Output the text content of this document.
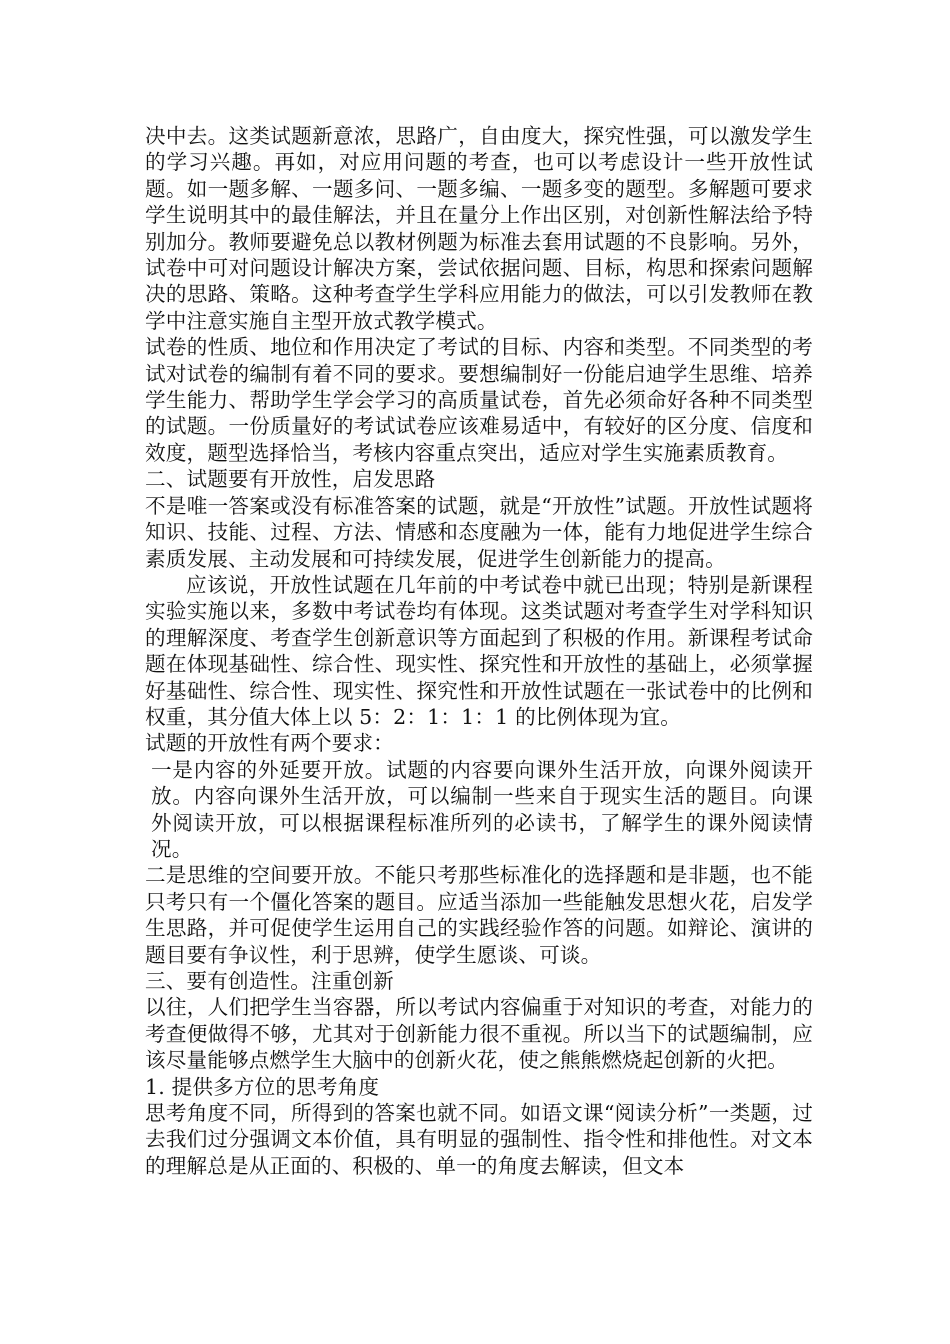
决中去。这类试题新意浓，思路广，自由度大，探究性强，可以激发学生的学习兴趣。再如，对应用问题的考查，也可以考虑设计一些开放性试题。如一题多解、一题多问、一题多编、一题多变的题型。多解题可要求学生说明其中的最佳解法，并且在量分上作出区别，对创新性解法给予特别加分。教师要避免总以教材例题为标准去套用试题的不良影响。另外，试卷中可对问题设计解决方案，尝试依据问题、目标，构思和探索问题解决的思路、策略。这种考查学生学科应用能力的做法，可以引发教师在教学中注意实施自主型开放式教学模式。

试卷的性质、地位和作用决定了考试的目标、内容和类型。不同类型的考试对试卷的编制有着不同的要求。要想编制好一份能启迪学生思维、培养学生能力、帮助学生学会学习的高质量试卷，首先必须命好各种不同类型的试题。一份质量好的考试试卷应该难易适中，有较好的区分度、信度和效度，题型选择恰当，考核内容重点突出，适应对学生实施素质教育。

二、试题要有开放性，启发思路

不是唯一答案或没有标准答案的试题，就是“开放性”试题。开放性试题将知识、技能、过程、方法、情感和态度融为一体，能有力地促进学生综合素质发展、主动发展和可持续发展，促进学生创新能力的提高。

应该说，开放性试题在几年前的中考试卷中就已出现；特别是新课程实验实施以来，多数中考试卷均有体现。这类试题对考查学生对学科知识的理解深度、考查学生创新意识等方面起到了积极的作用。新课程考试命题在体现基础性、综合性、现实性、探究性和开放性的基础上，必须掌握好基础性、综合性、现实性、探究性和开放性试题在一张试卷中的比例和权重，其分值大体上以 5：2：1：1：1 的比例体现为宜。

试题的开放性有两个要求：

一是内容的外延要开放。试题的内容要向课外生活开放，向课外阅读开放。内容向课外生活开放，可以编制一些来自于现实生活的题目。向课外阅读开放，可以根据课程标准所列的必读书，了解学生的课外阅读情况。

二是思维的空间要开放。不能只考那些标准化的选择题和是非题，也不能只考只有一个僵化答案的题目。应适当添加一些能触发思想火花，启发学生思路，并可促使学生运用自己的实践经验作答的问题。如辩论、演讲的题目要有争议性，利于思辨，使学生愿谈、可谈。

三、要有创造性。注重创新

以往，人们把学生当容器，所以考试内容偏重于对知识的考查，对能力的考查便做得不够，尤其对于创新能力很不重视。所以当下的试题编制，应该尽量能够点燃学生大脑中的创新火花，使之熊熊燃烧起创新的火把。

1. 提供多方位的思考角度

思考角度不同，所得到的答案也就不同。如语文课“阅读分析”一类题，过去我们过分强调文本价值，具有明显的强制性、指令性和排他性。对文本的理解总是从正面的、积极的、单一的角度去解读，但文本
